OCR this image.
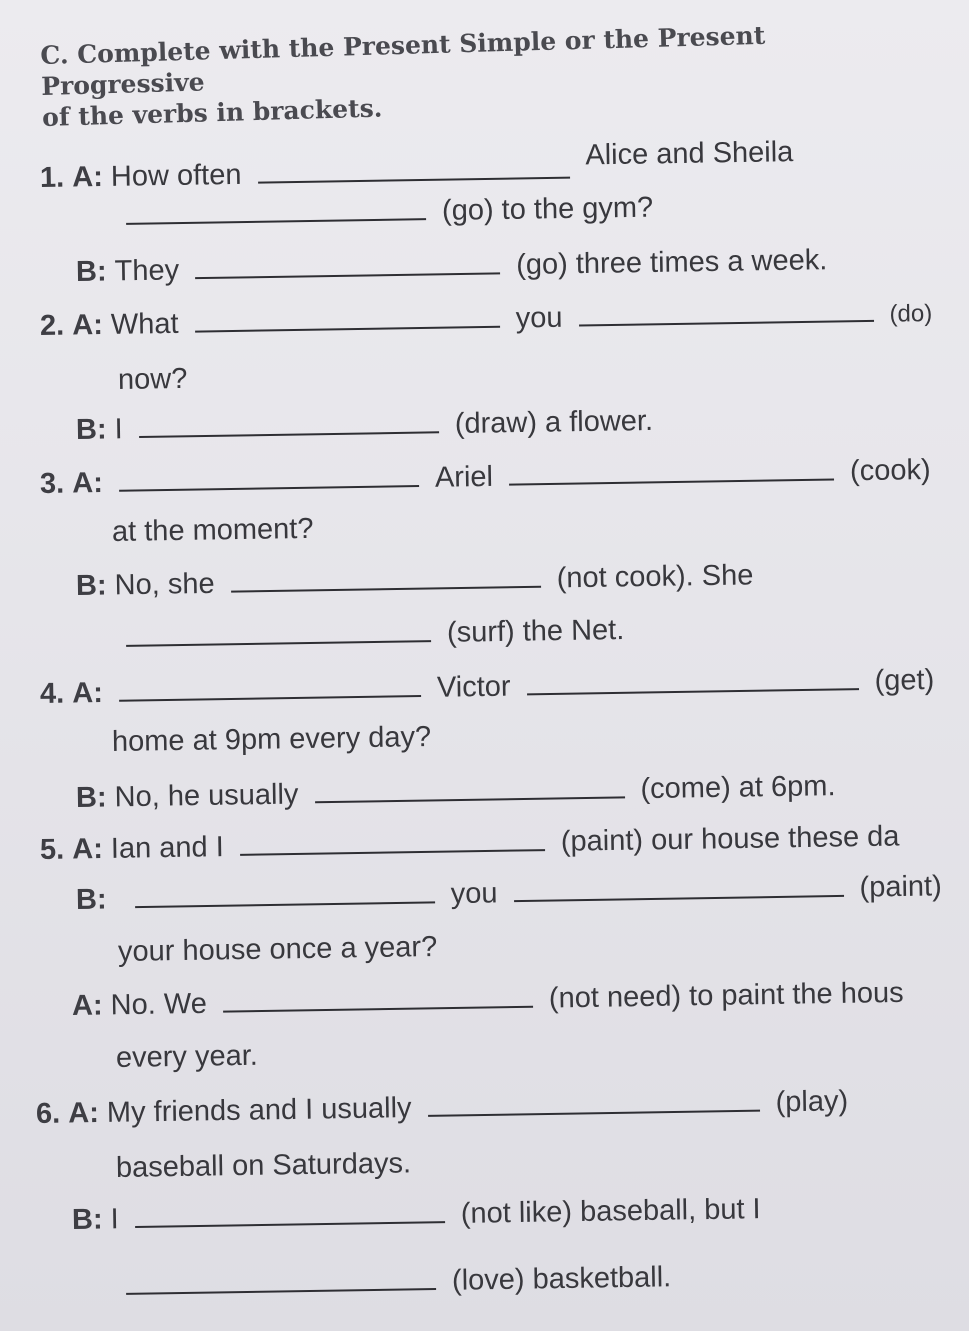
C. Complete with the Present Simple or the Present Progressive
of the verbs in brackets.
1. A: How often  Alice and Sheila
(go) to the gym?
B: They	(go) three times a week.
2. A: What	you	(do)
now?
B: I	(draw) a flower.
3. A:	Ariel	(cook)
at the moment?
B: No, she	(not cook). She
(surf) the Net.
4. A:	Victor	(get)
home at 9pm every day?
B: No, he usually	(come) at 6pm.
5. A: Ian and I	(paint) our house these da
B:	you	(paint)
your house once a year?
A: No. We	(not need) to paint the hous
every year.
6. A: My friends and I usually	(play)
baseball on Saturdays.
B: I	(not like) baseball, but I
(love) basketball.
